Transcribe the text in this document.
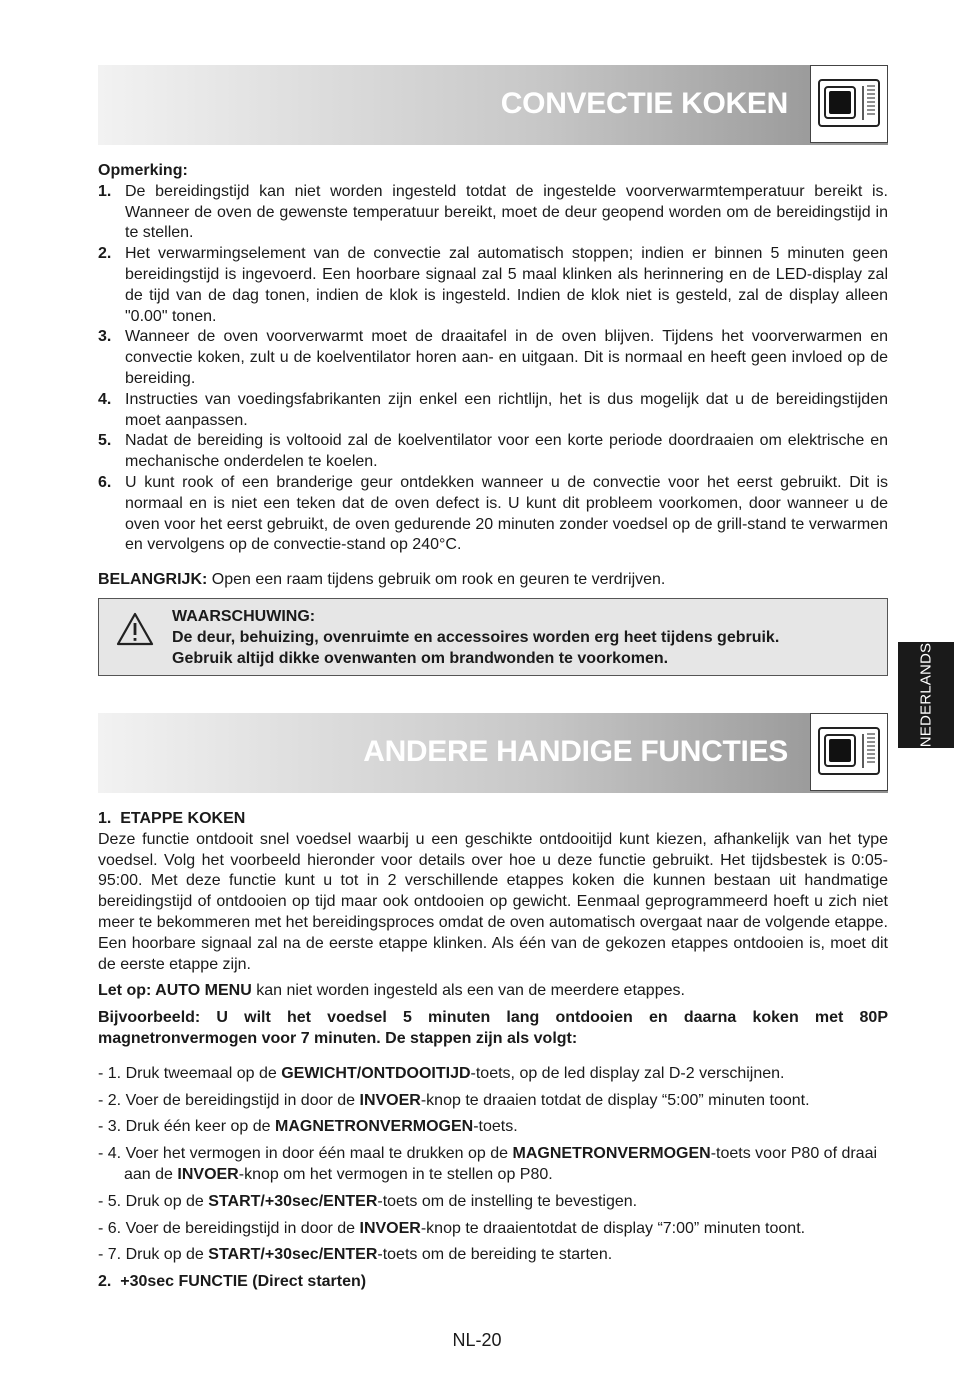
CONVECTIE KOKEN

Opmerking:

1. De bereidingstijd kan niet worden ingesteld totdat de ingestelde voorverwarmtemperatuur bereikt is. Wanneer de oven de gewenste temperatuur bereikt, moet de deur geopend worden om de bereidingstijd in te stellen.
2. Het verwarmingselement van de convectie zal automatisch stoppen; indien er binnen 5 minuten geen bereidingstijd is ingevoerd. Een hoorbare signaal zal 5 maal klinken als herinnering en de LED-display zal de tijd van de dag tonen, indien de klok is ingesteld. Indien de klok niet is gesteld, zal de display alleen "0.00" tonen.
3. Wanneer de oven voorverwarmt moet de draaitafel in de oven blijven. Tijdens het voorverwarmen en convectie koken, zult u de koelventilator horen aan- en uitgaan. Dit is normaal en heeft geen invloed op de bereiding.
4. Instructies van voedingsfabrikanten zijn enkel een richtlijn, het is dus mogelijk dat u de bereidingstijden moet aanpassen.
5. Nadat de bereiding is voltooid zal de koelventilator voor een korte periode doordraaien om elektrische en mechanische onderdelen te koelen.
6. U kunt rook of een branderige geur ontdekken wanneer u de convectie voor het eerst gebruikt. Dit is normaal en is niet een teken dat de oven defect is. U kunt dit probleem voorkomen, door wanneer u de oven voor het eerst gebruikt, de oven gedurende 20 minuten zonder voedsel op de grill-stand te verwarmen en vervolgens op de convectie-stand op 240°C.

BELANGRIJK: Open een raam tijdens gebruik om rook en geuren te verdrijven.

WAARSCHUWING:
De deur, behuizing, ovenruimte en accessoires worden erg heet tijdens gebruik.
Gebruik altijd dikke ovenwanten om brandwonden te voorkomen.	NEDERLANDS
ANDERE HANDIGE FUNCTIES

1. ETAPPE KOKEN

Deze functie ontdooit snel voedsel waarbij u een geschikte ontdooitijd kunt kiezen, afhankelijk van het type voedsel. Volg het voorbeeld hieronder voor details over hoe u deze functie gebruikt. Het tijdsbestek is 0:05-95:00. Met deze functie kunt u tot in 2 verschillende etappes koken die kunnen bestaan uit handmatige bereidingstijd of ontdooien op tijd maar ook ontdooien op gewicht. Eenmaal geprogrammeerd hoeft u zich niet meer te bekommeren met het bereidingsproces omdat de oven automatisch overgaat naar de volgende etappe. Een hoorbare signaal zal na de eerste etappe klinken. Als één van de gekozen etappes ontdooien is, moet dit de eerste etappe zijn.

Let op: AUTO MENU kan niet worden ingesteld als een van de meerdere etappes.

Bijvoorbeeld: U wilt het voedsel 5 minuten lang ontdooien en daarna koken met 80P magnetronvermogen voor 7 minuten. De stappen zijn als volgt:

- 1. Druk tweemaal op de GEWICHT/ONTDOOITIJD-toets, op de led display zal D-2 verschijnen.
- 2. Voer de bereidingstijd in door de INVOER-knop te draaien totdat de display “5:00” minuten toont.
- 3. Druk één keer op de MAGNETRONVERMOGEN-toets.
- 4. Voer het vermogen in door één maal te drukken op de MAGNETRONVERMOGEN-toets voor P80 of draai aan de INVOER-knop om het vermogen in te stellen op P80.
- 5. Druk op de START/+30sec/ENTER-toets om de instelling te bevestigen.
- 6. Voer de bereidingstijd in door de INVOER-knop te draaientotdat de display “7:00” minuten toont.
- 7. Druk op de START/+30sec/ENTER-toets om de bereiding te starten.

2. +30sec FUNCTIE (Direct starten)

NL-20
